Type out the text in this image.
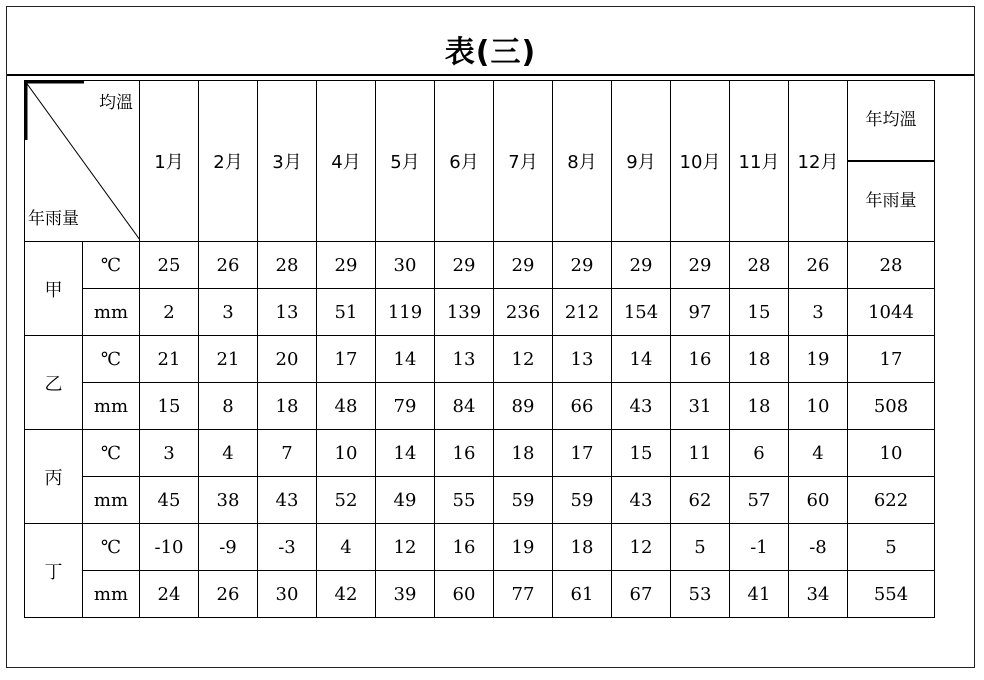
表(三)
均溫
年雨量		1月	2月	3月	4月	5月	6月	7月	8月	9月	10月	11月	12月	年均溫

														年雨量

甲	℃	25	26	28	29	30	29	29	29	29	29	28	26	28
	mm	2	3	13	51	119	139	236	212	154	97	15	3	1044
乙	℃	21	21	20	17	14	13	12	13	14	16	18	19	17
	mm	15	8	18	48	79	84	89	66	43	31	18	10	508
丙	℃	3	4	7	10	14	16	18	17	15	11	6	4	10
	mm	45	38	43	52	49	55	59	59	43	62	57	60	622
丁	℃	-10	-9	-3	4	12	16	19	18	12	5	-1	-8	5
	mm	24	26	30	42	39	60	77	61	67	53	41	34	554
